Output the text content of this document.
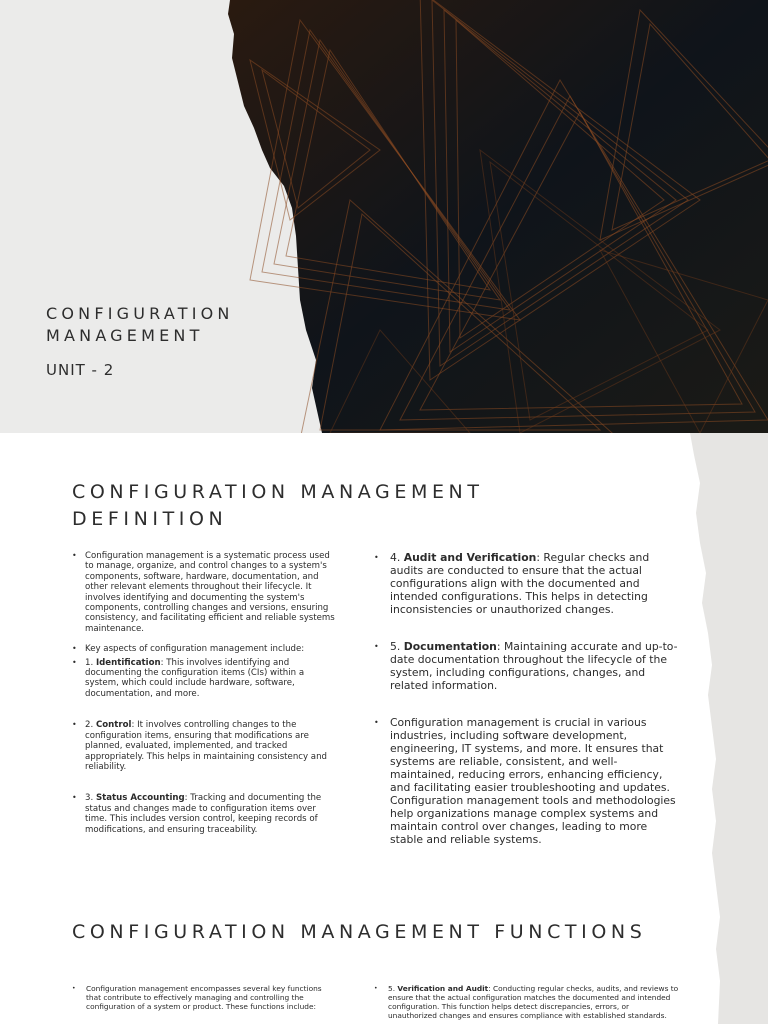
CONFIGURATION
MANAGEMENT
UNIT - 2
CONFIGURATION MANAGEMENT
DEFINITION
• Configuration management is a systematic process used to manage, organize, and control changes to a system's components, software, hardware, documentation, and other relevant elements throughout their lifecycle. It involves identifying and documenting the system's components, controlling changes and versions, ensuring consistency, and facilitating efficient and reliable systems maintenance.
• Key aspects of configuration management include:
• 1. Identification: This involves identifying and documenting the configuration items (CIs) within a system, which could include hardware, software, documentation, and more.
• 2. Control: It involves controlling changes to the configuration items, ensuring that modifications are planned, evaluated, implemented, and tracked appropriately. This helps in maintaining consistency and reliability.
• 3. Status Accounting: Tracking and documenting the status and changes made to configuration items over time. This includes version control, keeping records of modifications, and ensuring traceability.
• 4. Audit and Verification: Regular checks and audits are conducted to ensure that the actual configurations align with the documented and intended configurations. This helps in detecting inconsistencies or unauthorized changes.
• 5. Documentation: Maintaining accurate and up-to-date documentation throughout the lifecycle of the system, including configurations, changes, and related information.
• Configuration management is crucial in various industries, including software development, engineering, IT systems, and more. It ensures that systems are reliable, consistent, and well-maintained, reducing errors, enhancing efficiency, and facilitating easier troubleshooting and updates. Configuration management tools and methodologies help organizations manage complex systems and maintain control over changes, leading to more stable and reliable systems.
CONFIGURATION MANAGEMENT FUNCTIONS
• Configuration management encompasses several key functions that contribute to effectively managing and controlling the configuration of a system or product. These functions include:
• 5. Verification and Audit: Conducting regular checks, audits, and reviews to ensure that the actual configuration matches the documented and intended configuration. This function helps detect discrepancies, errors, or unauthorized changes and ensures compliance with established standards.
